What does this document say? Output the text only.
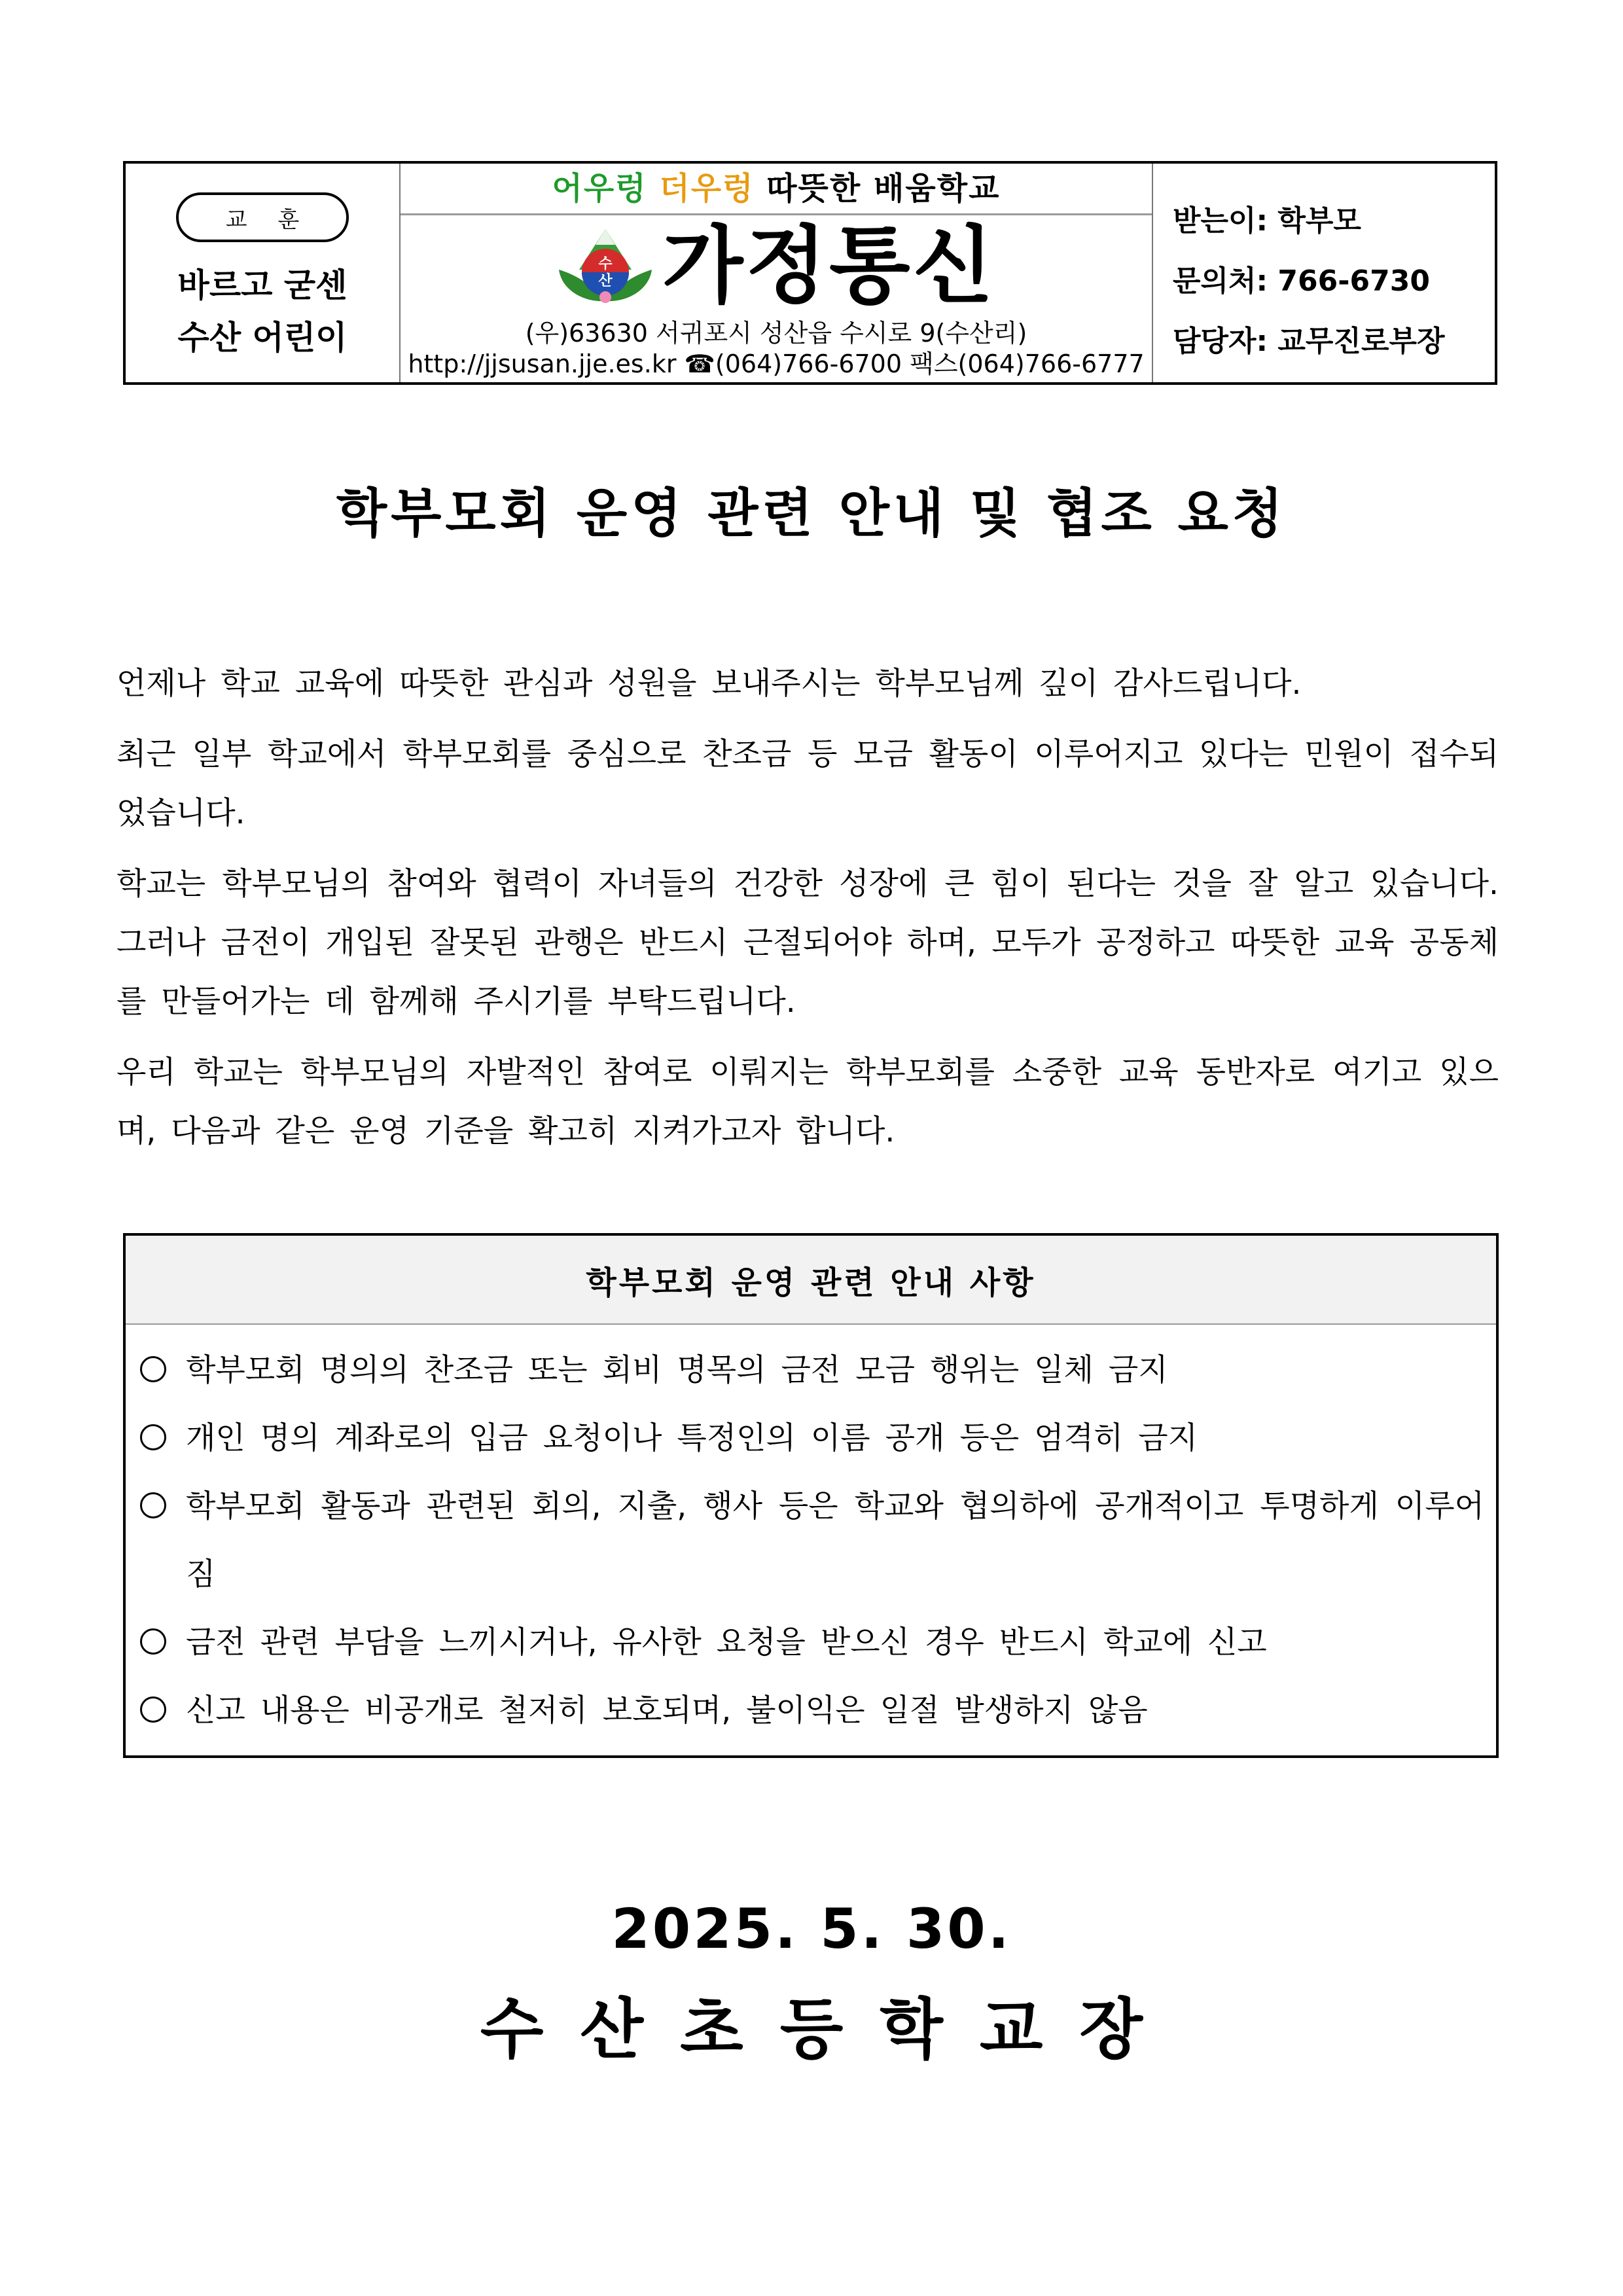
교 훈
바르고 굳센
수산 어린이
어우렁 더우렁 따뜻한 배움학교
수
산 가정통신
(우)63630 서귀포시 성산읍 수시로 9(수산리)
http://jjsusan.jje.es.kr ☎(064)766-6700 팩스(064)766-6777
받는이: 학부모
문의처: 766-6730
담당자: 교무진로부장
학부모회 운영 관련 안내 및 협조 요청

언제나 학교 교육에 따뜻한 관심과 성원을 보내주시는 학부모님께 깊이 감사드립니다.

최근 일부 학교에서 학부모회를 중심으로 찬조금 등 모금 활동이 이루어지고 있다는 민원이 접수되었습니다.

학교는 학부모님의 참여와 협력이 자녀들의 건강한 성장에 큰 힘이 된다는 것을 잘 알고 있습니다. 그러나 금전이 개입된 잘못된 관행은 반드시 근절되어야 하며, 모두가 공정하고 따뜻한 교육 공동체를 만들어가는 데 함께해 주시기를 부탁드립니다.

우리 학교는 학부모님의 자발적인 참여로 이뤄지는 학부모회를 소중한 교육 동반자로 여기고 있으며, 다음과 같은 운영 기준을 확고히 지켜가고자 합니다.

학부모회 운영 관련 안내 사항
학부모회 명의의 찬조금 또는 회비 명목의 금전 모금 행위는 일체 금지
개인 명의 계좌로의 입금 요청이나 특정인의 이름 공개 등은 엄격히 금지
학부모회 활동과 관련된 회의, 지출, 행사 등은 학교와 협의하에 공개적이고 투명하게 이루어짐
금전 관련 부담을 느끼시거나, 유사한 요청을 받으신 경우 반드시 학교에 신고
신고 내용은 비공개로 철저히 보호되며, 불이익은 일절 발생하지 않음
2025. 5. 30.
수산초등학교장
